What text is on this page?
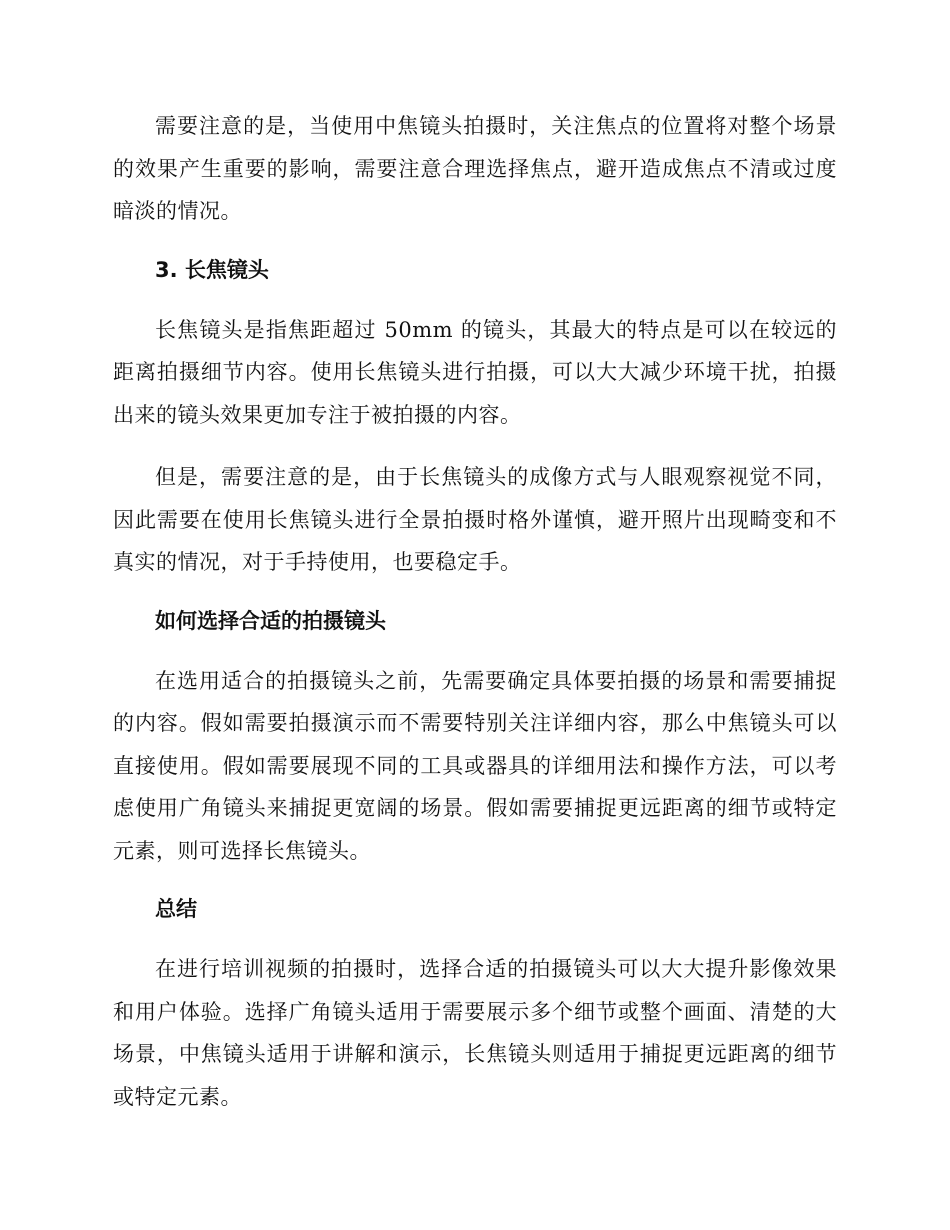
需要注意的是，当使用中焦镜头拍摄时，关注焦点的位置将对整个场景的效果产生重要的影响，需要注意合理选择焦点，避开造成焦点不清或过度暗淡的情况。

3. 长焦镜头

长焦镜头是指焦距超过 50mm 的镜头，其最大的特点是可以在较远的距离拍摄细节内容。使用长焦镜头进行拍摄，可以大大减少环境干扰，拍摄出来的镜头效果更加专注于被拍摄的内容。

但是，需要注意的是，由于长焦镜头的成像方式与人眼观察视觉不同，因此需要在使用长焦镜头进行全景拍摄时格外谨慎，避开照片出现畸变和不真实的情况，对于手持使用，也要稳定手。

如何选择合适的拍摄镜头

在选用适合的拍摄镜头之前，先需要确定具体要拍摄的场景和需要捕捉的内容。假如需要拍摄演示而不需要特别关注详细内容，那么中焦镜头可以直接使用。假如需要展现不同的工具或器具的详细用法和操作方法，可以考虑使用广角镜头来捕捉更宽阔的场景。假如需要捕捉更远距离的细节或特定元素，则可选择长焦镜头。

总结

在进行培训视频的拍摄时，选择合适的拍摄镜头可以大大提升影像效果和用户体验。选择广角镜头适用于需要展示多个细节或整个画面、清楚的大场景，中焦镜头适用于讲解和演示，长焦镜头则适用于捕捉更远距离的细节或特定元素。
